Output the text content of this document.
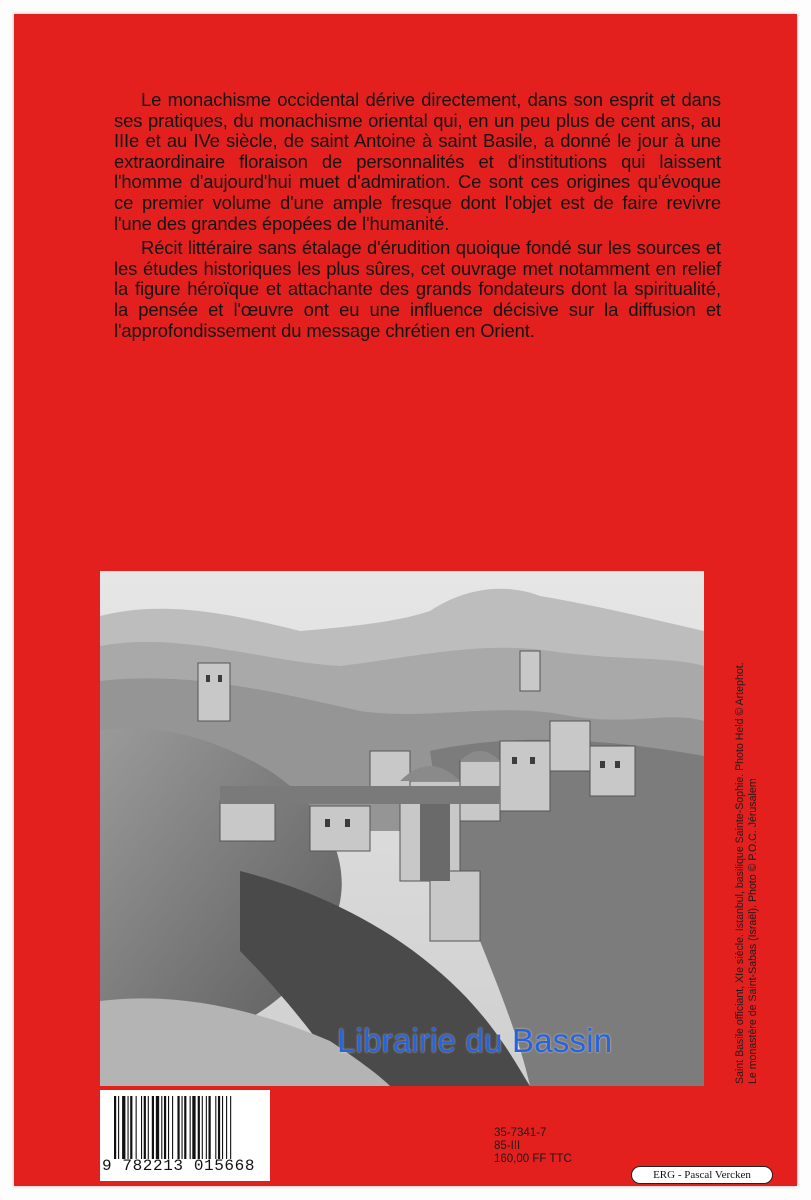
Le monachisme occidental dérive directement, dans son esprit et dans ses pratiques, du monachisme oriental qui, en un peu plus de cent ans, au IIIe et au IVe siècle, de saint Antoine à saint Basile, a donné le jour à une extraordinaire floraison de personnalités et d'institutions qui laissent l'homme d'aujourd'hui muet d'admiration. Ce sont ces origines qu'évoque ce premier volume d'une ample fresque dont l'objet est de faire revivre l'une des grandes épopées de l'humanité.

Récit littéraire sans étalage d'érudition quoique fondé sur les sources et les études historiques les plus sûres, cet ouvrage met notamment en relief la figure héroïque et attachante des grands fondateurs dont la spiritualité, la pensée et l'œuvre ont eu une influence décisive sur la diffusion et l'approfondissement du message chrétien en Orient.

Librairie du Bassin	Saint Basile officiant, XIe siècle. Istanbul, basilique Sainte-Sophie. Photo Held © Artephot. Le monastère de Saint-Sabas (Israël). Photo © P.O.C. Jérusalem
9 782213 015668
35-7341-7
85-III
160,00 FF TTC
ERG - Pascal Vercken
